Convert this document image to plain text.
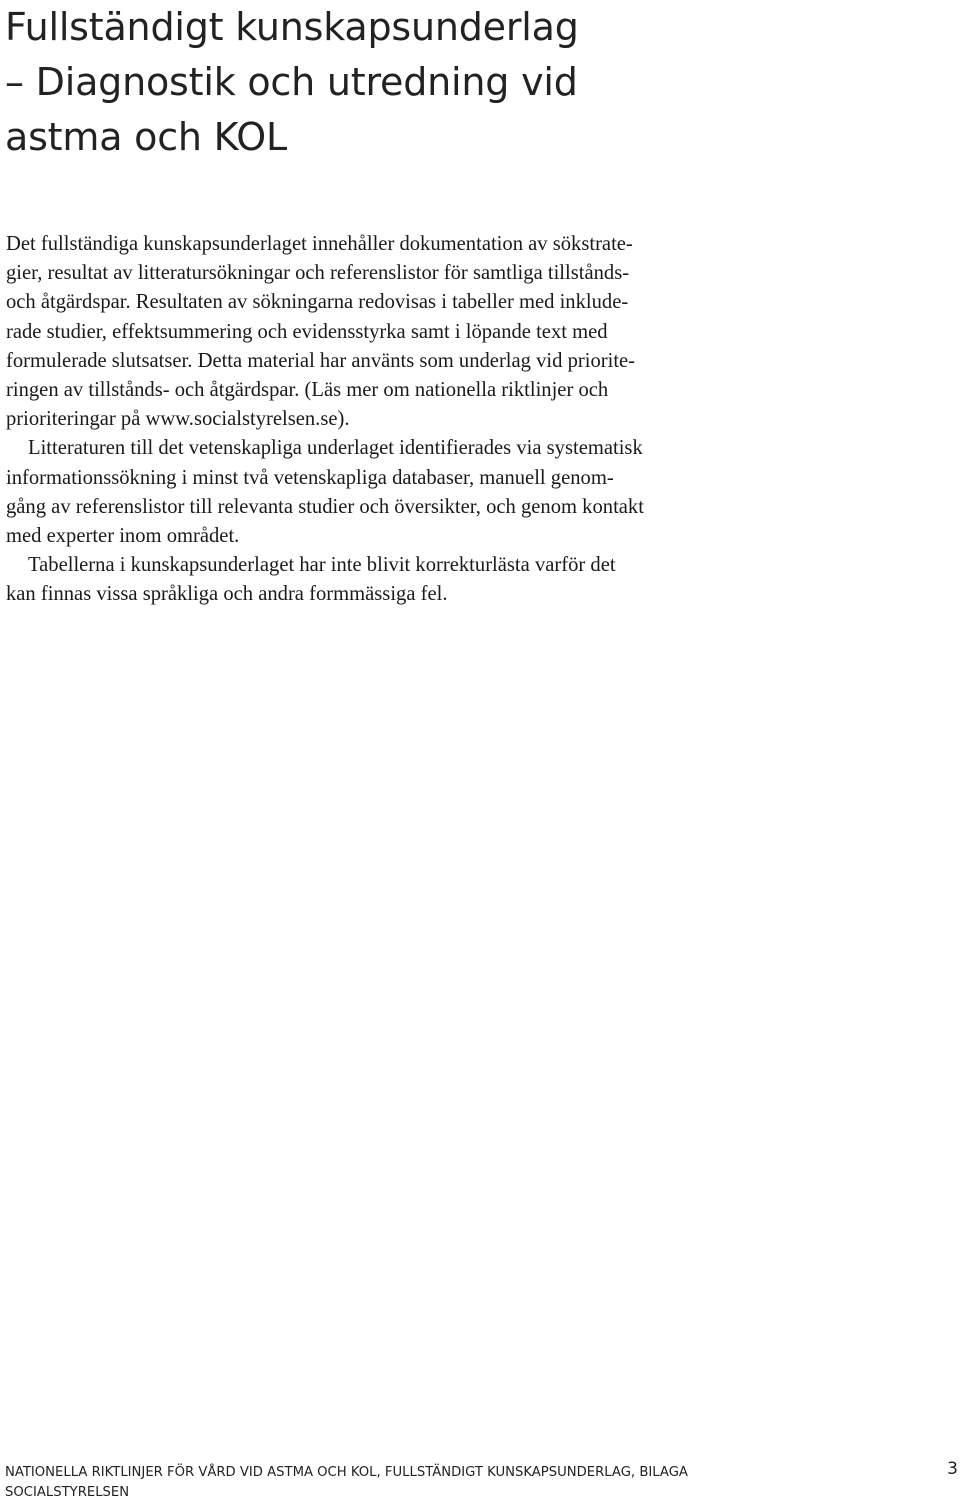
Fullständigt kunskapsunderlag
– Diagnostik och utredning vid
astma och KOL

Det fullständiga kunskapsunderlaget innehåller dokumentation av sökstrate-
gier, resultat av litteratursökningar och referenslistor för samtliga tillstånds-
och åtgärdspar. Resultaten av sökningarna redovisas i tabeller med inklude-
rade studier, effektsummering och evidensstyrka samt i löpande text med
formulerade slutsatser. Detta material har använts som underlag vid priorite-
ringen av tillstånds- och åtgärdspar. (Läs mer om nationella riktlinjer och
prioriteringar på www.socialstyrelsen.se).

Litteraturen till det vetenskapliga underlaget identifierades via systematisk
informationssökning i minst två vetenskapliga databaser, manuell genom-
gång av referenslistor till relevanta studier och översikter, och genom kontakt
med experter inom området.

Tabellerna i kunskapsunderlaget har inte blivit korrekturlästa varför det
kan finnas vissa språkliga och andra formmässiga fel.

NATIONELLA RIKTLINJER FÖR VÅRD VID ASTMA OCH KOL, FULLSTÄNDIGT KUNSKAPSUNDERLAG, BILAGA
SOCIALSTYRELSEN
3
